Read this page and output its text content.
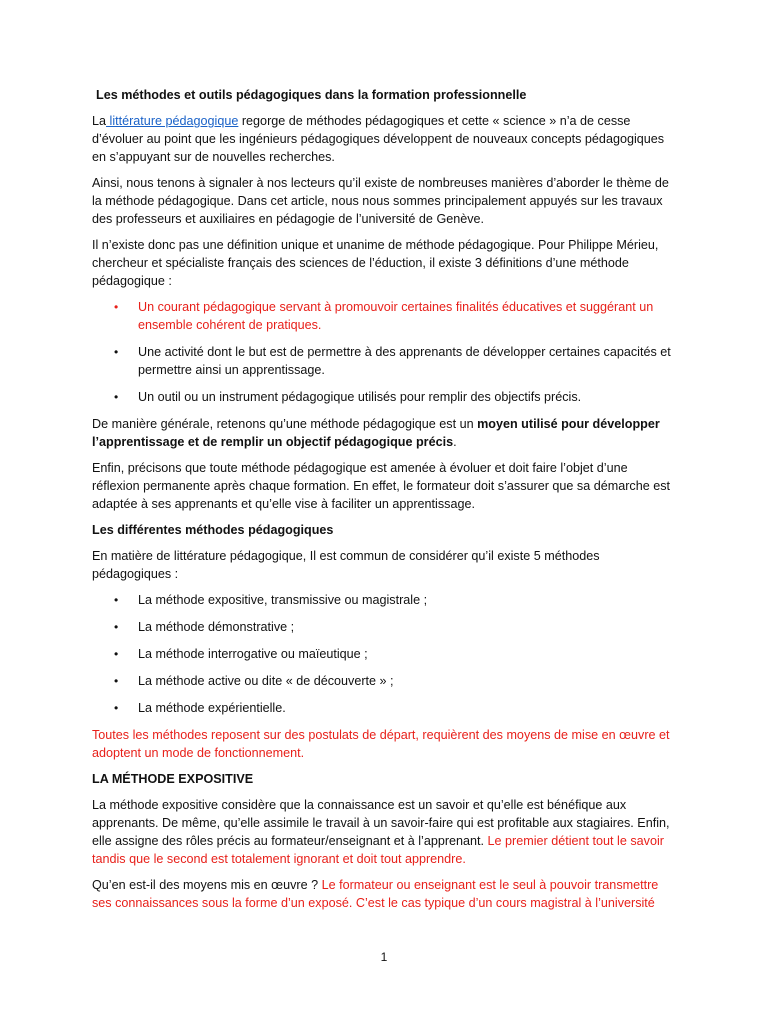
Les méthodes et outils pédagogiques dans la formation professionnelle

La littérature pédagogique regorge de méthodes pédagogiques et cette « science » n’a de cesse d’évoluer au point que les ingénieurs pédagogiques développent de nouveaux concepts pédagogiques en s’appuyant sur de nouvelles recherches.

Ainsi, nous tenons à signaler à nos lecteurs qu’il existe de nombreuses manières d’aborder le thème de la méthode pédagogique. Dans cet article, nous nous sommes principalement appuyés sur les travaux des professeurs et auxiliaires en pédagogie de l’université de Genève.

Il n’existe donc pas une définition unique et unanime de méthode pédagogique. Pour Philippe Mérieu, chercheur et spécialiste français des sciences de l’éduction, il existe 3 définitions d’une méthode pédagogique :

• Un courant pédagogique servant à promouvoir certaines finalités éducatives et suggérant un ensemble cohérent de pratiques.
• Une activité dont le but est de permettre à des apprenants de développer certaines capacités et permettre ainsi un apprentissage.
• Un outil ou un instrument pédagogique utilisés pour remplir des objectifs précis.

De manière générale, retenons qu’une méthode pédagogique est un moyen utilisé pour développer l’apprentissage et de remplir un objectif pédagogique précis.

Enfin, précisons que toute méthode pédagogique est amenée à évoluer et doit faire l’objet d’une réflexion permanente après chaque formation. En effet, le formateur doit s’assurer que sa démarche est adaptée à ses apprenants et qu’elle vise à faciliter un apprentissage.

Les différentes méthodes pédagogiques

En matière de littérature pédagogique, Il est commun de considérer qu’il existe 5 méthodes pédagogiques :

• La méthode expositive, transmissive ou magistrale ;
• La méthode démonstrative ;
• La méthode interrogative ou maïeutique ;
• La méthode active ou dite « de découverte » ;
• La méthode expérientielle.

Toutes les méthodes reposent sur des postulats de départ, requièrent des moyens de mise en œuvre et adoptent un mode de fonctionnement.

LA MÉTHODE EXPOSITIVE

La méthode expositive considère que la connaissance est un savoir et qu’elle est bénéfique aux apprenants. De même, qu’elle assimile le travail à un savoir-faire qui est profitable aux stagiaires. Enfin, elle assigne des rôles précis au formateur/enseignant et à l’apprenant. Le premier détient tout le savoir tandis que le second est totalement ignorant et doit tout apprendre.

Qu’en est-il des moyens mis en œuvre ? Le formateur ou enseignant est le seul à pouvoir transmettre ses connaissances sous la forme d’un exposé. C’est le cas typique d’un cours magistral à l’université

1
